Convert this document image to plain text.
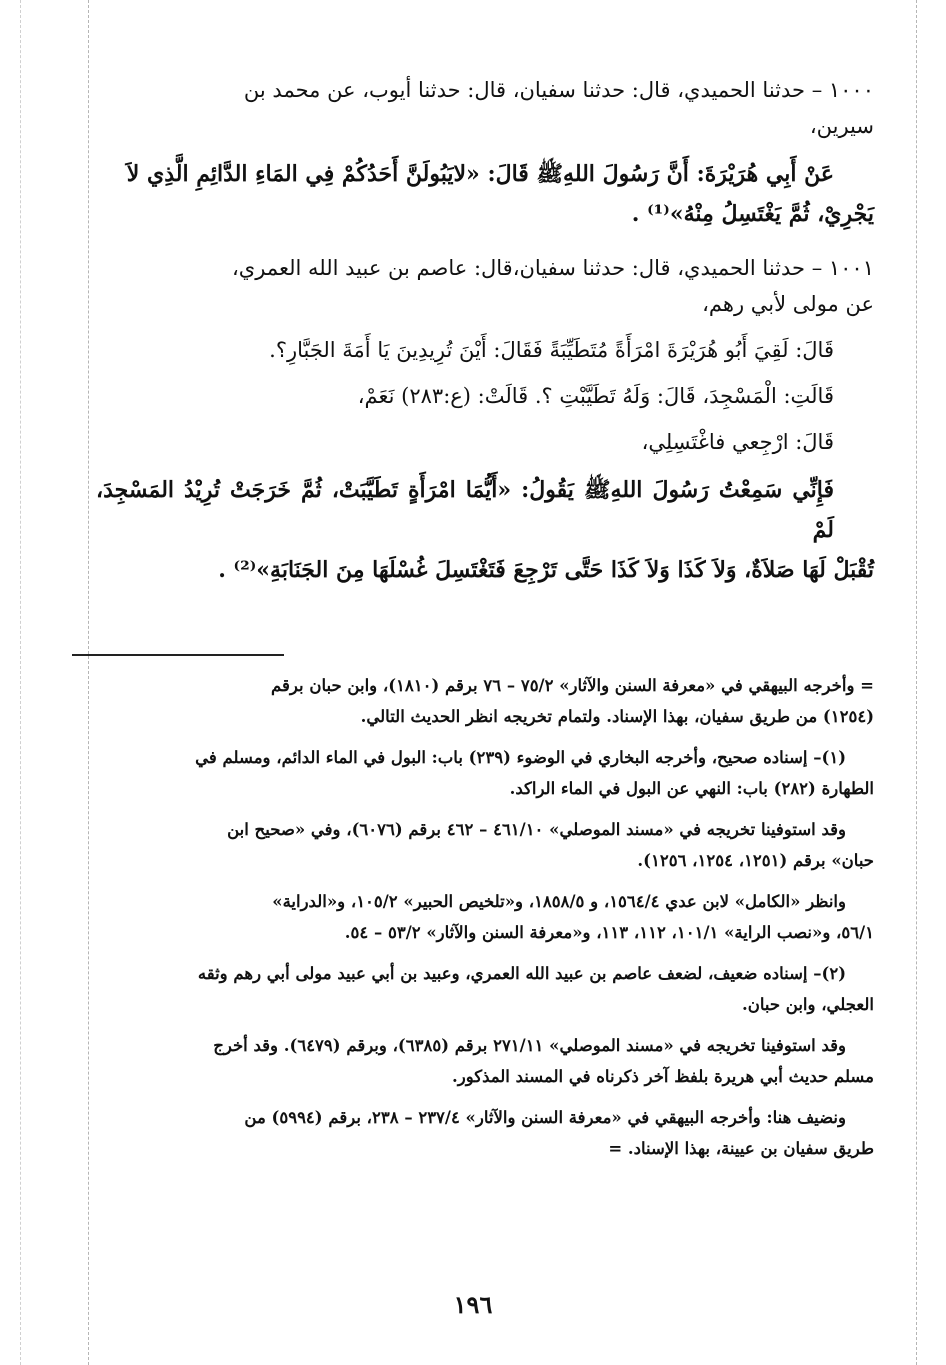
١٠٠٠ – حدثنا الحميدي، قال: حدثنا سفيان، قال: حدثنا أيوب، عن محمد بن

سيرين،

عَنْ أَبِي هُرَيْرَةَ: أَنَّ رَسُولَ اللهِﷺ قَالَ: «لايَبُولَنَّ أَحَدُكُمْ فِي المَاءِ الدَّائِمِ الَّذِي لاَ

يَجْرِيْ، ثُمَّ يَغْتَسِلُ مِنْهُ»⁽¹⁾ .

١٠٠١ – حدثنا الحميدي، قال: حدثنا سفيان،قال: عاصم بن عبيد الله العمري،

عن مولى لأبي رهم،

قَالَ: لَقِيَ أَبُو هُرَيْرَةَ امْرَأَةً مُتَطَيِّبَةً فَقَالَ: أَيْنَ تُرِيدِينَ يَا أَمَةَ الجَبَّارِ؟.

قَالَتِ: الْمَسْجِدَ، قَالَ: وَلَهُ تَطَيَّبْتِ ؟. قَالَتْ: (ع:٢٨٣) نَعَمْ،

قَالَ: ارْجِعي فاغْتَسِلِي،

فَإِنِّي سَمِعْتُ رَسُولَ اللهِﷺ يَقُولُ: «أَيُّمَا امْرَأَةٍ تَطَيَّبَتْ، ثُمَّ خَرَجَتْ تُرِيْدُ المَسْجِدَ، لَمْ

تُقْبَلْ لَهَا صَلاَةٌ، وَلاَ كَذَا وَلاَ كَذَا حَتَّى تَرْجِعَ فَتَغْتَسِلَ غُسْلَهَا مِنَ الجَنَابَةِ»⁽²⁾ .

= وأخرجه البيهقي في «معرفة السنن والآثار» ٧٥/٢ – ٧٦ برقم (١٨١٠)، وابن حبان برقم

(١٢٥٤) من طريق سفيان، بهذا الإسناد. ولتمام تخريجه انظر الحديث التالي.

(١)– إسناده صحيح، وأخرجه البخاري في الوضوء (٢٣٩) باب: البول في الماء الدائم، ومسلم في

الطهارة (٢٨٢) باب: النهي عن البول في الماء الراكد.

وقد استوفينا تخريجه في «مسند الموصلي» ٤٦١/١٠ – ٤٦٢ برقم (٦٠٧٦)، وفي «صحيح ابن

حبان» برقم (١٢٥١، ١٢٥٤، ١٢٥٦).

وانظر «الكامل» لابن عدي ١٥٦٤/٤، و ١٨٥٨/٥، و«تلخيص الحبير» ١٠٥/٢، و«الدراية»

٥٦/١، و«نصب الراية» ١٠١/١، ١١٢، ١١٣، و«معرفة السنن والآثار» ٥٣/٢ – ٥٤.

(٢)– إسناده ضعيف، لضعف عاصم بن عبيد الله العمري، وعبيد بن أبي عبيد مولى أبي رهم وثقه

العجلي، وابن حبان.

وقد استوفينا تخريجه في «مسند الموصلي» ٢٧١/١١ برقم (٦٣٨٥)، وبرقم (٦٤٧٩). وقد أخرج

مسلم حديث أبي هريرة بلفظ آخر ذكرناه في المسند المذكور.

ونضيف هنا: وأخرجه البيهقي في «معرفة السنن والآثار» ٢٣٧/٤ – ٢٣٨، برقم (٥٩٩٤) من

طريق سفيان بن عيينة، بهذا الإسناد. =

١٩٦
